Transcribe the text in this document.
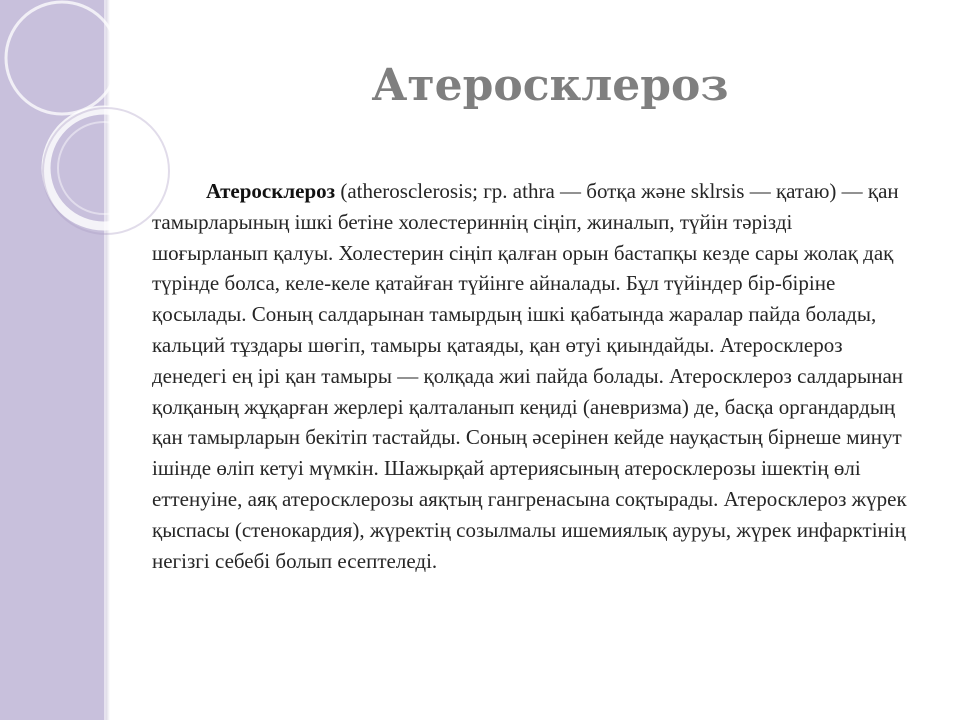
Атеросклероз

Атеросклероз (atherosclerosis; гр. athra — ботқа және sklrsis — қатаю) — қан тамырларының ішкі бетіне холестериннің сіңіп, жиналып, түйін тәрізді шоғырланып қалуы. Холестерин сіңіп қалған орын бастапқы кезде сары жолақ дақ түрінде болса, келе-келе қатайған түйінге айналады. Бұл түйіндер бір-біріне қосылады. Соның салдарынан тамырдың ішкі қабатында жаралар пайда болады, кальций тұздары шөгіп, тамыры қатаяды, қан өтуі қиындайды. Атеросклероз денедегі ең ірі қан тамыры — қолқада жиі пайда болады. Атеросклероз салдарынан қолқаның жұқарған жерлері қалталанып кеңиді (аневризма) де, басқа органдардың қан тамырларын бекітіп тастайды. Соның әсерінен кейде науқастың бірнеше минут ішінде өліп кетуі мүмкін. Шажырқай артериясының атеросклерозы ішектің өлі еттенуіне, аяқ атеросклерозы аяқтың гангренасына соқтырады. Атеросклероз жүрек қыспасы (стенокардия), жүректің созылмалы ишемиялық ауруы, жүрек инфарктінің негізгі себебі болып есептеледі.
